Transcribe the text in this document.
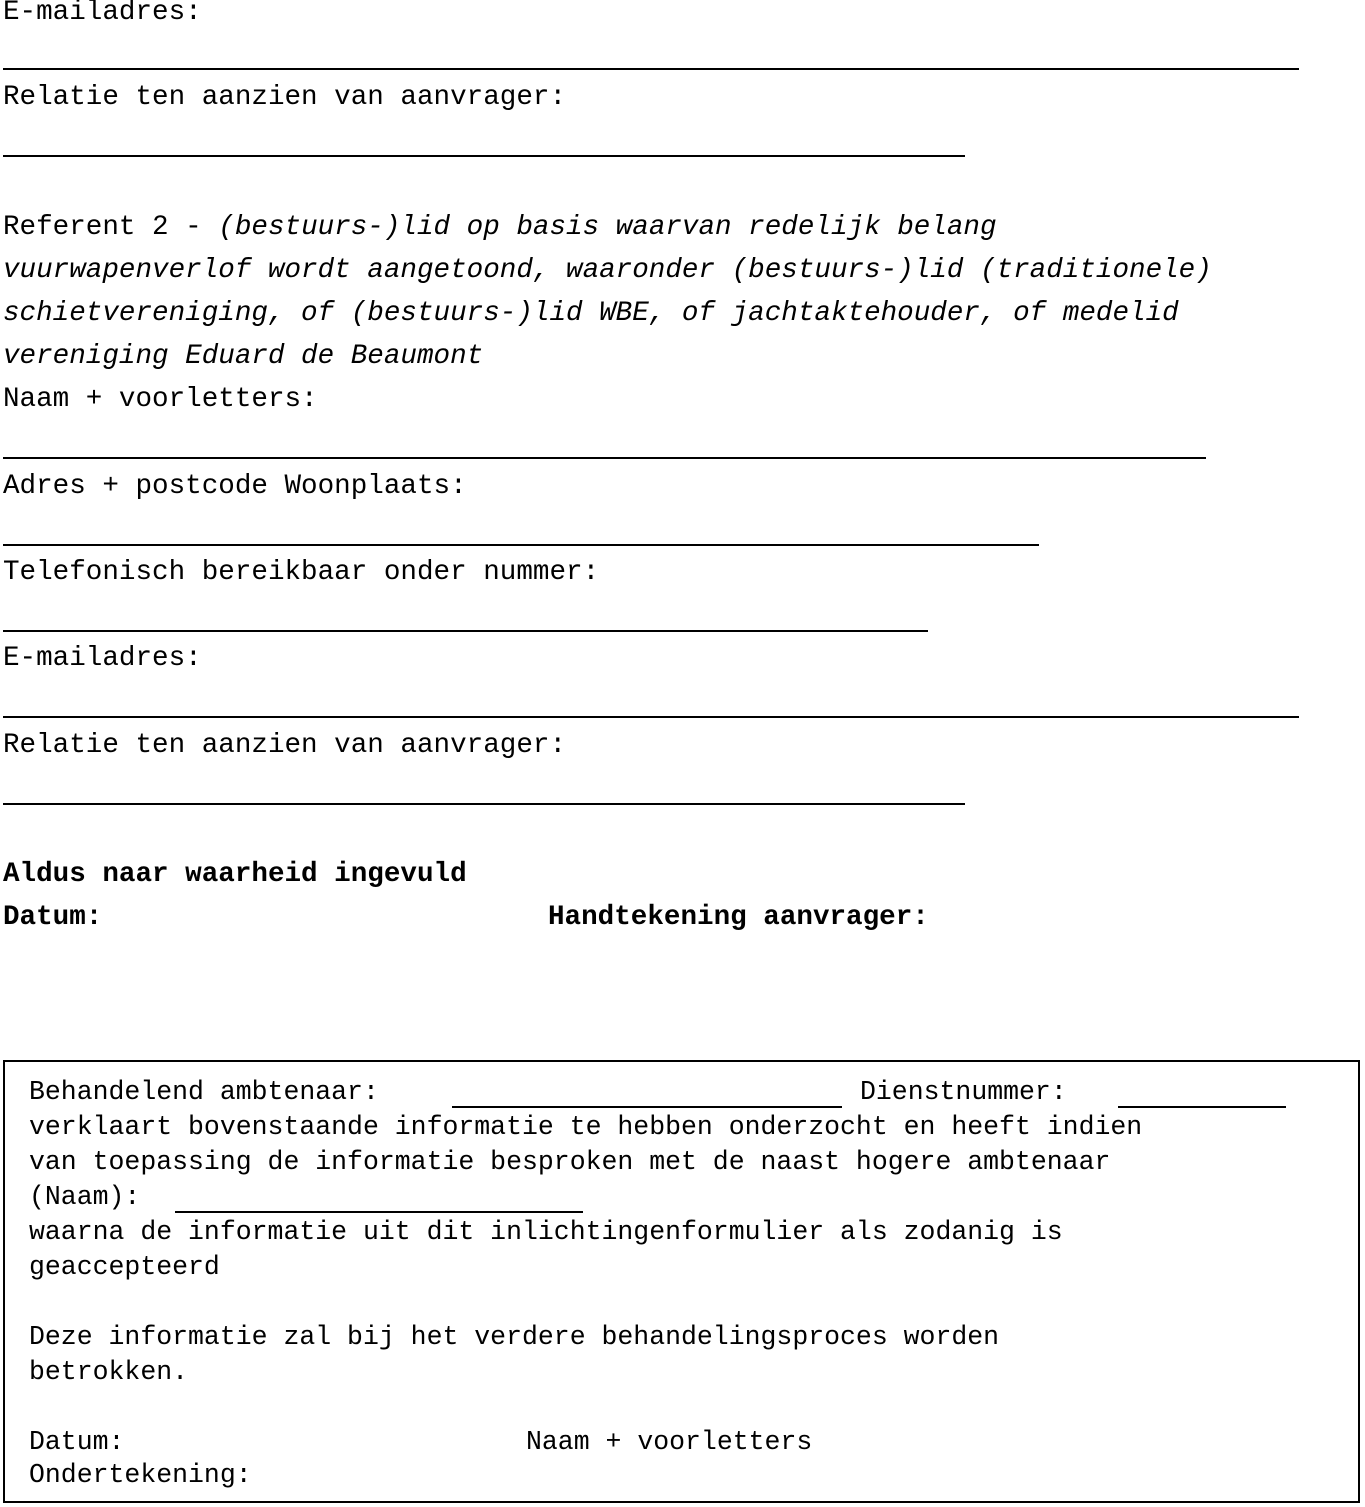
E-mailadres:

Relatie ten aanzien van aanvrager:

Referent 2 - (bestuurs-)lid op basis waarvan redelijk belang

vuurwapenverlof wordt aangetoond, waaronder (bestuurs-)lid (traditionele)

schietvereniging, of (bestuurs-)lid WBE, of jachtaktehouder, of medelid

vereniging Eduard de Beaumont

Naam + voorletters:

Adres + postcode Woonplaats:

Telefonisch bereikbaar onder nummer:

E-mailadres:

Relatie ten aanzien van aanvrager:

Aldus naar waarheid ingevuld

Datum:	Handtekening aanvrager:

Behandelend ambtenaar:	Dienstnummer:

verklaart bovenstaande informatie te hebben onderzocht en heeft indien

van toepassing de informatie besproken met de naast hogere ambtenaar

(Naam):

waarna de informatie uit dit inlichtingenformulier als zodanig is

geaccepteerd

Deze informatie zal bij het verdere behandelingsproces worden

betrokken.

Datum:	Naam + voorletters

Ondertekening:
